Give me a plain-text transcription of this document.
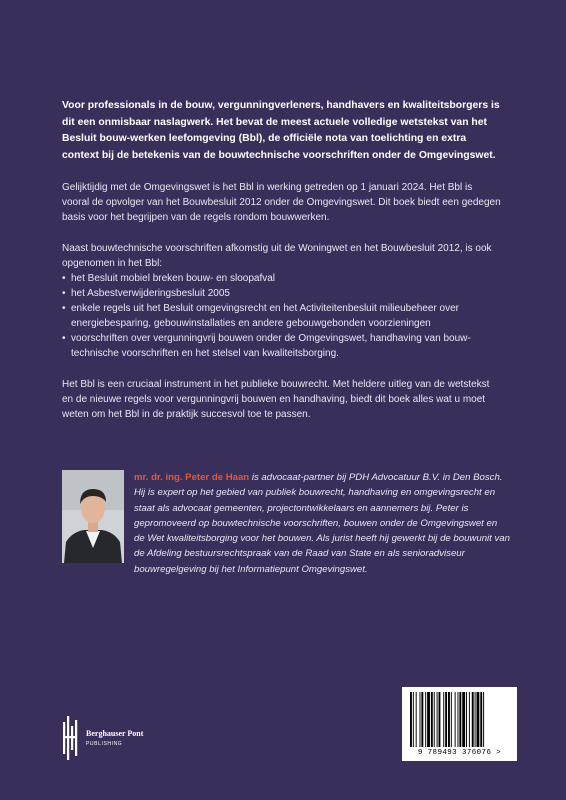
Voor professionals in de bouw, vergunningverleners, handhavers en kwaliteitsborgers is dit een onmisbaar naslagwerk. Het bevat de meest actuele volledige wetstekst van het Besluit bouw-werken leefomgeving (Bbl), de officiële nota van toelichting en extra context bij de betekenis van de bouwtechnische voorschriften onder de Omgevingswet.

Gelijktijdig met de Omgevingswet is het Bbl in werking getreden op 1 januari 2024. Het Bbl is vooral de opvolger van het Bouwbesluit 2012 onder de Omgevingswet. Dit boek biedt een gedegen basis voor het begrijpen van de regels rondom bouwwerken.

Naast bouwtechnische voorschriften afkomstig uit de Woningwet en het Bouwbesluit 2012, is ook opgenomen in het Bbl:

• het Besluit mobiel breken bouw- en sloopafval
• het Asbestverwijderingsbesluit 2005
• enkele regels uit het Besluit omgevingsrecht en het Activiteitenbesluit milieubeheer over energiebesparing, gebouwinstallaties en andere gebouwgebonden voorzieningen
• voorschriften over vergunningvrij bouwen onder de Omgevingswet, handhaving van bouw-technische voorschriften en het stelsel van kwaliteitsborging.

Het Bbl is een cruciaal instrument in het publieke bouwrecht. Met heldere uitleg van de wetstekst en de nieuwe regels voor vergunningvrij bouwen en handhaving, biedt dit boek alles wat u moet weten om het Bbl in de praktijk succesvol toe te passen.

mr. dr. ing. Peter de Haan is advocaat-partner bij PDH Advocatuur B.V. in Den Bosch. Hij is expert op het gebied van publiek bouwrecht, handhaving en omgevingsrecht en staat als advocaat gemeenten, projectontwikkelaars en aannemers bij. Peter is gepromoveerd op bouwtechnische voorschriften, bouwen onder de Omgevingswet en de Wet kwaliteitsborging voor het bouwen. Als jurist heeft hij gewerkt bij de bouwunit van de Afdeling bestuursrechtspraak van de Raad van State en als senioradviseur bouwregelgeving bij het Informatiepunt Omgevingswet.
Berghauser Pont
PUBLISHING
9 789493 376076 >
